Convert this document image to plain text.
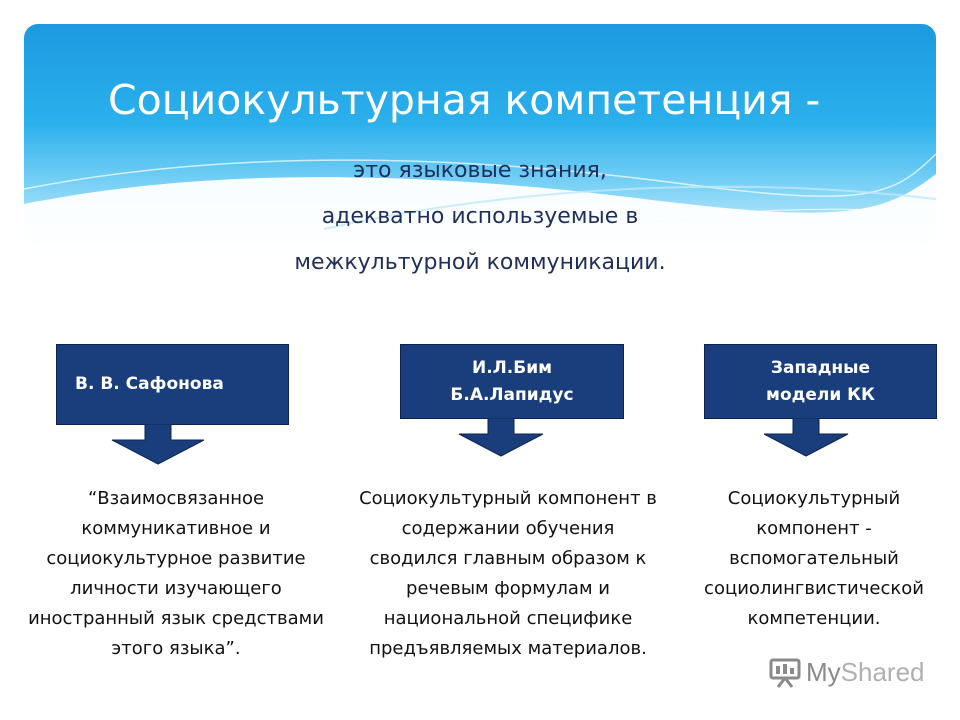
Социокультурная компетенция -
это языковые знания,
адекватно используемые в
межкультурной коммуникации.
В. В. Сафонова
И.Л.Бим
Б.А.Лапидус
Западные
модели КК
“Взаимосвязанное
коммуникативное и
социокультурное развитие
личности изучающего
иностранный язык средствами
этого языка”.
Социокультурный компонент в
содержании обучения
сводился главным образом к
речевым формулам и
национальной специфике
предъявляемых материалов.
Социокультурный
компонент -
вспомогательный
социолингвистической
компетенции.
My Shared
